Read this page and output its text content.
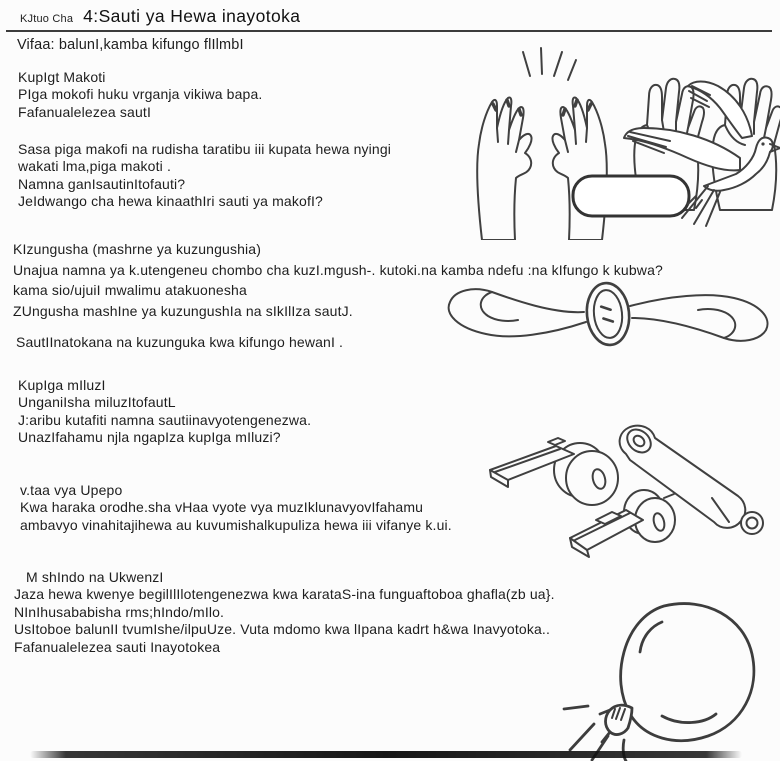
KJtuo Cha 4:Sauti ya Hewa inayotoka
Vifaa: balunI,kamba kifungo flIlmbI
KupIgt Makoti
PIga mokofi huku vrganja vikiwa bapa.
Fafanualelezea sautI
Sasa piga makofi na rudisha taratibu iii kupata hewa nyingi
wakati lma,piga makoti .
Namna ganIsautinItofauti?
JeIdwango cha hewa kinaathIri sauti ya makofI?
KIzungusha (mashrne ya kuzungushia)
Unajua namna ya k.utengeneu chombo cha kuzI.mgush-. kutoki.na kamba ndefu :na kIfungo k kubwa?
kama sio/ujuiI mwalimu atakuonesha
ZUngusha mashIne ya kuzungushIa na sIkIlIza sautJ.
SautIInatokana na kuzunguka kwa kifungo hewanI .
KupIga mIluzI
UnganiIsha miluzItofautL
J:aribu kutafiti namna sautiinavyotengenezwa.
UnazIfahamu njla ngapIza kupIga mIluzi?
v.taa vya Upepo
Kwa haraka orodhe.sha vHaa vyote vya muzIklunavyovIfahamu
ambavyo vinahitajihewa au kuvumishalkupuliza hewa iii vifanye k.ui.
M shIndo na UkwenzI
Jaza hewa kwenye begilIlIlotengenezwa kwa karataS-ina funguaftoboa ghafla(zb ua}.
NInIhusababisha rms;hIndo/mIlo.
UsItoboe balunII tvumIshe/ilpuUze. Vuta mdomo kwa lIpana kadrt h&wa Inavyotoka..
Fafanualelezea sauti Inayotokea
